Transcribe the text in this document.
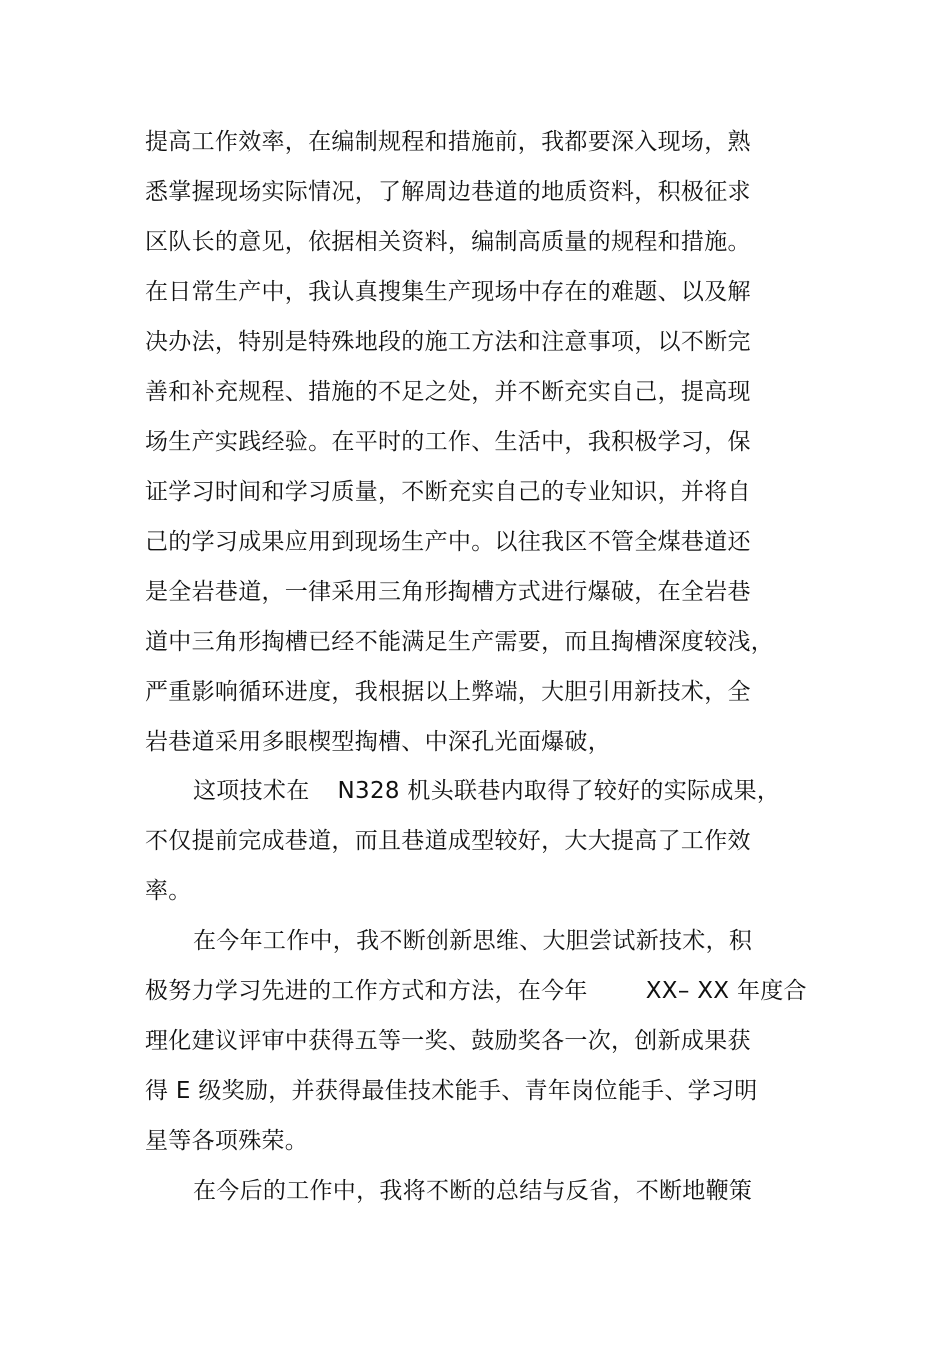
提高工作效率，在编制规程和措施前，我都要深入现场，熟
悉掌握现场实际情况，了解周边巷道的地质资料，积极征求
区队长的意见，依据相关资料，编制高质量的规程和措施。
在日常生产中，我认真搜集生产现场中存在的难题、以及解
决办法，特别是特殊地段的施工方法和注意事项，以不断完
善和补充规程、措施的不足之处，并不断充实自己，提高现
场生产实践经验。在平时的工作、生活中，我积极学习，保
证学习时间和学习质量，不断充实自己的专业知识，并将自
己的学习成果应用到现场生产中。以往我区不管全煤巷道还
是全岩巷道，一律采用三角形掏槽方式进行爆破，在全岩巷
道中三角形掏槽已经不能满足生产需要，而且掏槽深度较浅，
严重影响循环进度，我根据以上弊端，大胆引用新技术，全
岩巷道采用多眼楔型掏槽、中深孔光面爆破，
这项技术在 N328 机头联巷内取得了较好的实际成果，
不仅提前完成巷道，而且巷道成型较好，大大提高了工作效
率。
在今年工作中，我不断创新思维、大胆尝试新技术，积
极努力学习先进的工作方式和方法，在今年	XX– XX 年度合
理化建议评审中获得五等一奖、鼓励奖各一次，创新成果获
得 E 级奖励，并获得最佳技术能手、青年岗位能手、学习明
星等各项殊荣。
在今后的工作中，我将不断的总结与反省，不断地鞭策
